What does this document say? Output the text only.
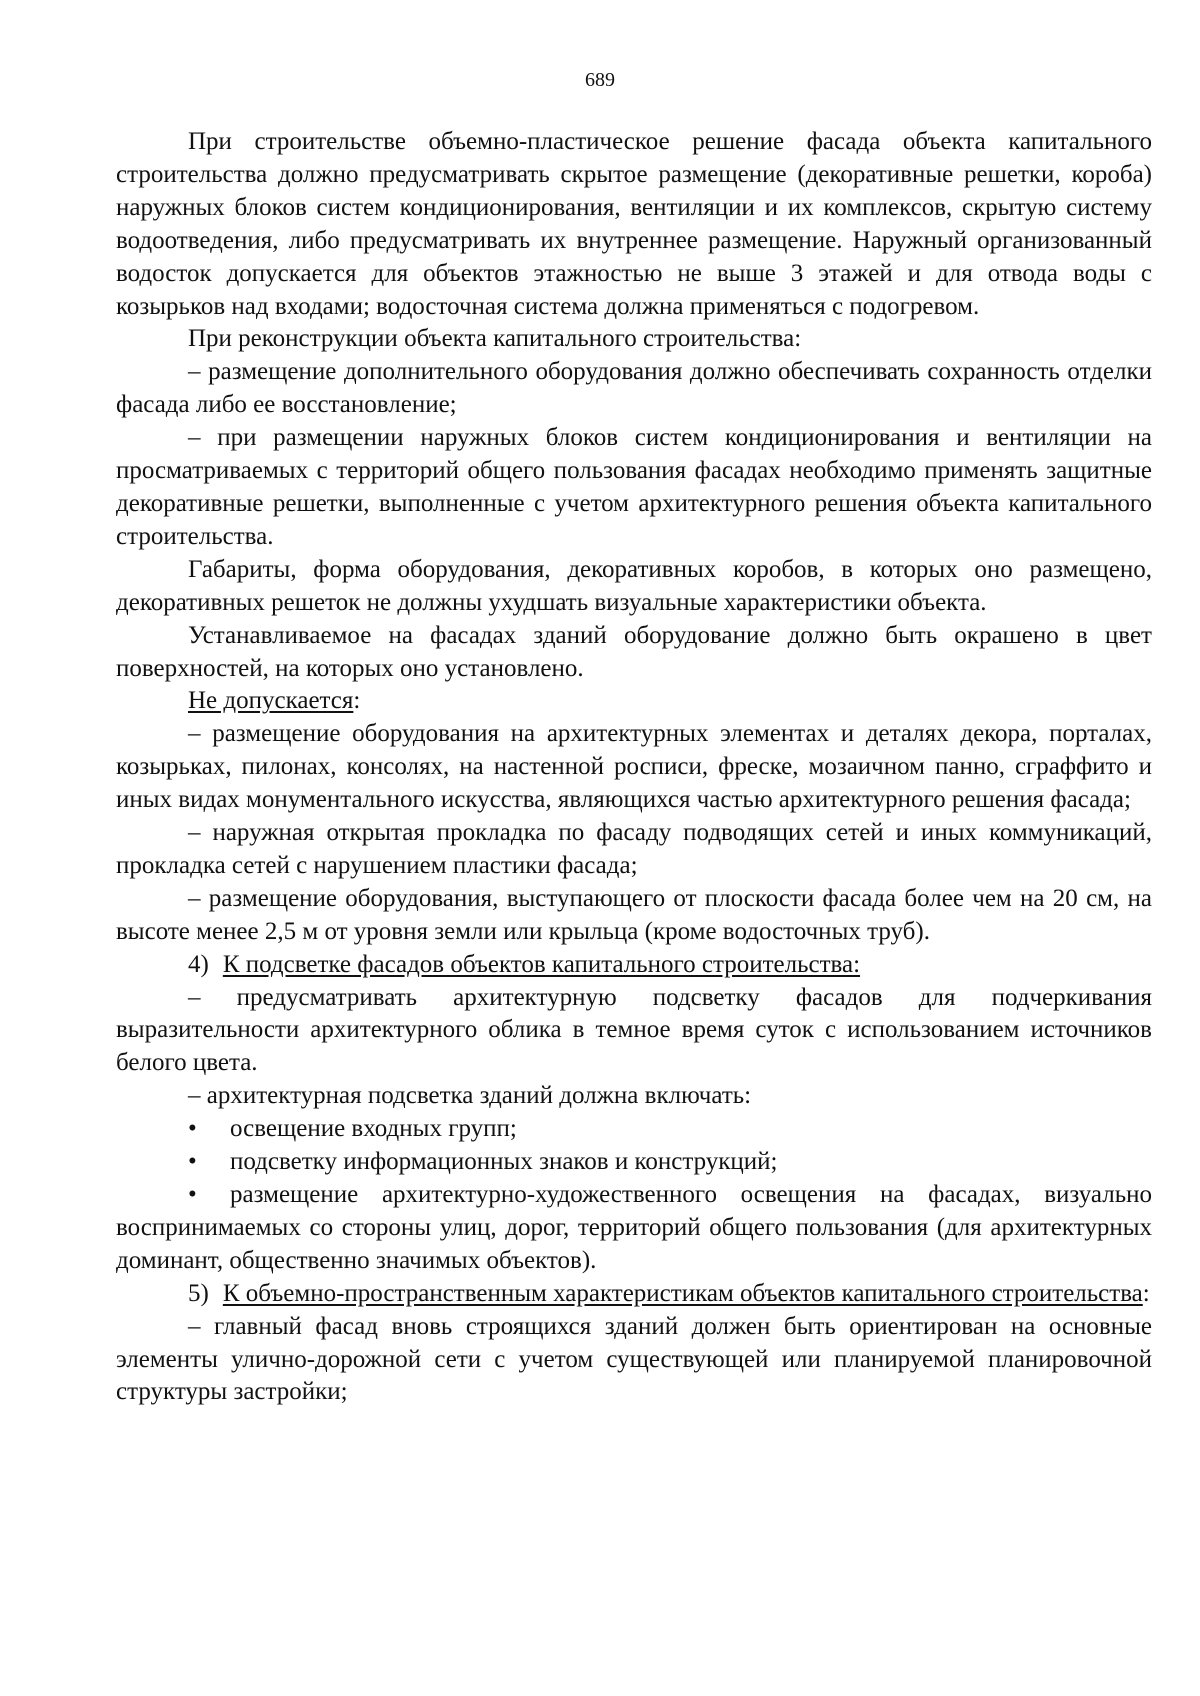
689

При строительстве объемно-пластическое решение фасада объекта капитального строительства должно предусматривать скрытое размещение (декоративные решетки, короба) наружных блоков систем кондиционирования, вентиляции и их комплексов, скрытую систему водоотведения, либо предусматривать их внутреннее размещение. Наружный организованный водосток допускается для объектов этажностью не выше 3 этажей и для отвода воды с козырьков над входами; водосточная система должна применяться с подогревом.

При реконструкции объекта капитального строительства:

– размещение дополнительного оборудования должно обеспечивать сохранность отделки фасада либо ее восстановление;

– при размещении наружных блоков систем кондиционирования и вентиляции на просматриваемых с территорий общего пользования фасадах необходимо применять защитные декоративные решетки, выполненные с учетом архитектурного решения объекта капитального строительства.

Габариты, форма оборудования, декоративных коробов, в которых оно размещено, декоративных решеток не должны ухудшать визуальные характеристики объекта.

Устанавливаемое на фасадах зданий оборудование должно быть окрашено в цвет поверхностей, на которых оно установлено.

Не допускается:

– размещение оборудования на архитектурных элементах и деталях декора, порталах, козырьках, пилонах, консолях, на настенной росписи, фреске, мозаичном панно, сграффито и иных видах монументального искусства, являющихся частью архитектурного решения фасада;

– наружная открытая прокладка по фасаду подводящих сетей и иных коммуникаций, прокладка сетей с нарушением пластики фасада;

– размещение оборудования, выступающего от плоскости фасада более чем на 20 см, на высоте менее 2,5 м от уровня земли или крыльца (кроме водосточных труб).

4) К подсветке фасадов объектов капитального строительства:

– предусматривать архитектурную подсветку фасадов для подчеркивания выразительности архитектурного облика в темное время суток с использованием источников белого цвета.

– архитектурная подсветка зданий должна включать:

• освещение входных групп;

• подсветку информационных знаков и конструкций;

• размещение архитектурно-художественного освещения на фасадах, визуально воспринимаемых со стороны улиц, дорог, территорий общего пользования (для архитектурных доминант, общественно значимых объектов).

5) К объемно-пространственным характеристикам объектов капитального строительства:

– главный фасад вновь строящихся зданий должен быть ориентирован на основные элементы улично-дорожной сети с учетом существующей или планируемой планировочной структуры застройки;
